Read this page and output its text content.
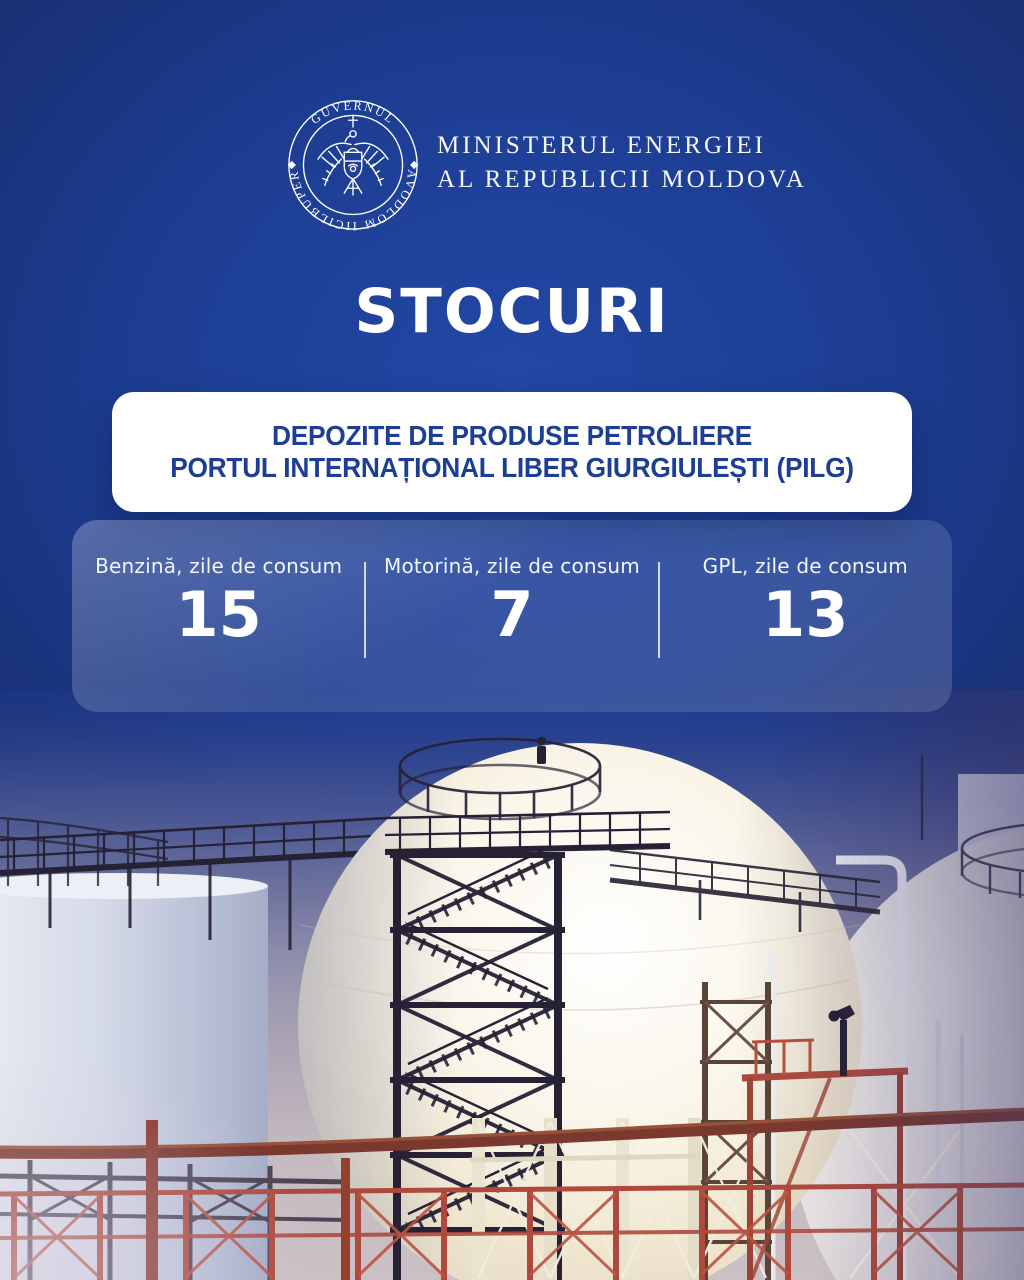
GUVERNUL
AVODLOM IICILBUPER
MINISTERUL ENERGIEI
AL REPUBLICII MOLDOVA
STOCURI
DEPOZITE DE PRODUSE PETROLIERE
PORTUL INTERNAȚIONAL LIBER GIURGIULEȘTI (PILG)
Benzină, zile de consum
15
Motorină, zile de consum
7
GPL, zile de consum
13
